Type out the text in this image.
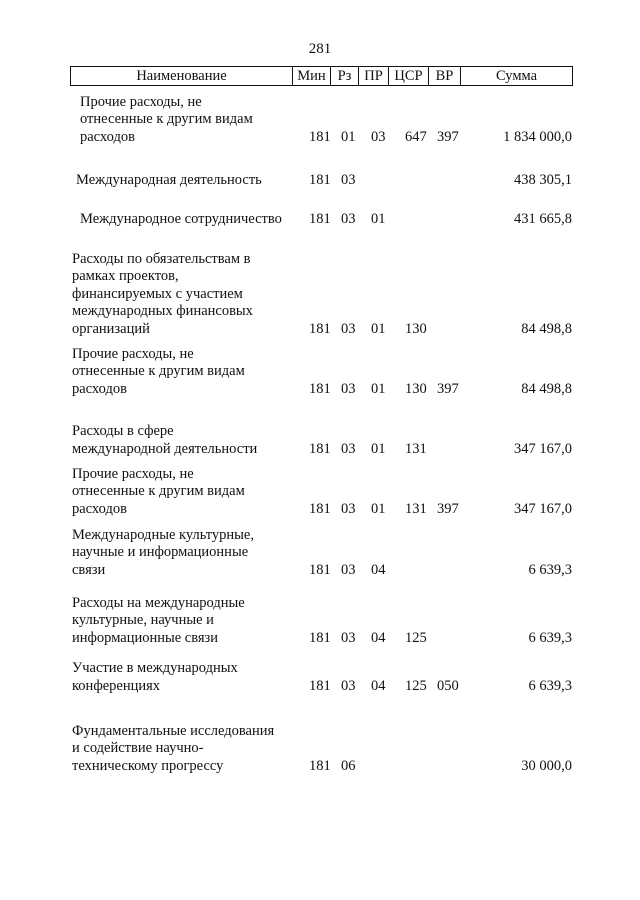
281
Наименование	Мин Рз ПР ЦСР ВР	Сумма
Прочие расходы, не
отнесенные к другим видам
расходов	181 01 03 647 397	1 834 000,0
Международная деятельность	181 03	438 305,1
Международное сотрудничество 181 03 01	431 665,8
Расходы по обязательствам в
рамках проектов,
финансируемых с участием
международных финансовых
организаций	181 03 01 130	84 498,8
Прочие расходы, не
отнесенные к другим видам
расходов	181 03 01 130 397	84 498,8
Расходы в сфере
международной деятельности	181 03 01 131	347 167,0
Прочие расходы, не
отнесенные к другим видам
расходов	181 03 01 131 397	347 167,0
Международные культурные,
научные и информационные
связи	181 03 04	6 639,3
Расходы на международные
культурные, научные и
информационные связи	181 03 04 125	6 639,3
Участие в международных
конференциях	181 03 04 125 050	6 639,3
Фундаментальные исследования
и содействие научно-
техническому прогрессу	181 06	30 000,0
